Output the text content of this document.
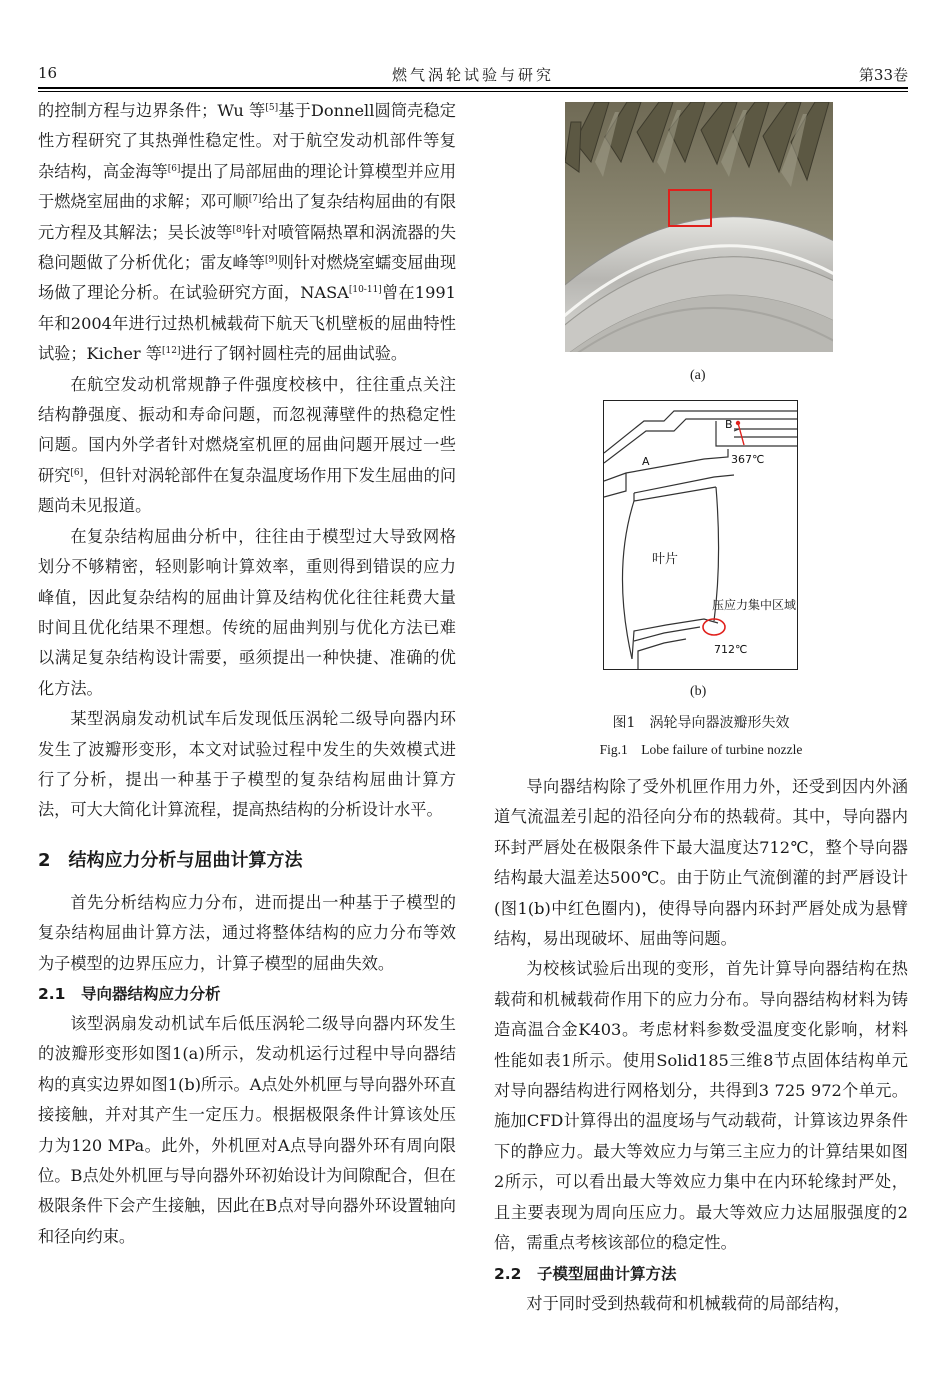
16	燃气涡轮试验与研究	第33卷

的控制方程与边界条件；Wu 等[5]基于Donnell圆筒壳稳定性方程研究了其热弹性稳定性。对于航空发动机部件等复杂结构，高金海等[6]提出了局部屈曲的理论计算模型并应用于燃烧室屈曲的求解；邓可顺[7]给出了复杂结构屈曲的有限元方程及其解法；吴长波等[8]针对喷管隔热罩和涡流器的失稳问题做了分析优化；雷友峰等[9]则针对燃烧室蠕变屈曲现场做了理论分析。在试验研究方面，NASA[10-11]曾在1991年和2004年进行过热机械载荷下航天飞机壁板的屈曲特性试验；Kicher 等[12]进行了钢衬圆柱壳的屈曲试验。

在航空发动机常规静子件强度校核中，往往重点关注结构静强度、振动和寿命问题，而忽视薄壁件的热稳定性问题。国内外学者针对燃烧室机匣的屈曲问题开展过一些研究[6]，但针对涡轮部件在复杂温度场作用下发生屈曲的问题尚未见报道。

在复杂结构屈曲分析中，往往由于模型过大导致网格划分不够精密，轻则影响计算效率，重则得到错误的应力峰值，因此复杂结构的屈曲计算及结构优化往往耗费大量时间且优化结果不理想。传统的屈曲判别与优化方法已难以满足复杂结构设计需要，亟须提出一种快捷、准确的优化方法。

某型涡扇发动机试车后发现低压涡轮二级导向器内环发生了波瓣形变形，本文对试验过程中发生的失效模式进行了分析，提出一种基于子模型的复杂结构屈曲计算方法，可大大简化计算流程，提高热结构的分析设计水平。

2　结构应力分析与屈曲计算方法

首先分析结构应力分布，进而提出一种基于子模型的复杂结构屈曲计算方法，通过将整体结构的应力分布等效为子模型的边界压应力，计算子模型的屈曲失效。

2.1　导向器结构应力分析

该型涡扇发动机试车后低压涡轮二级导向器内环发生的波瓣形变形如图1(a)所示，发动机运行过程中导向器结构的真实边界如图1(b)所示。A点处外机匣与导向器外环直接接触，并对其产生一定压力。根据极限条件计算该处压力为120 MPa。此外，外机匣对A点导向器外环有周向限位。B点处外机匣与导向器外环初始设计为间隙配合，但在极限条件下会产生接触，因此在B点对导向器外环设置轴向和径向约束。

(a)
B
A	367℃
叶片
压应力集中区域
712℃
(b)
图1　涡轮导向器波瓣形失效
Fig.1　Lobe failure of turbine nozzle

导向器结构除了受外机匣作用力外，还受到因内外涵道气流温差引起的沿径向分布的热载荷。其中，导向器内环封严唇处在极限条件下最大温度达712℃，整个导向器结构最大温差达500℃。由于防止气流倒灌的封严唇设计(图1(b)中红色圈内)，使得导向器内环封严唇处成为悬臂结构，易出现破坏、屈曲等问题。

为校核试验后出现的变形，首先计算导向器结构在热载荷和机械载荷作用下的应力分布。导向器结构材料为铸造高温合金K403。考虑材料参数受温度变化影响，材料性能如表1所示。使用Solid185三维8节点固体结构单元对导向器结构进行网格划分，共得到3 725 972个单元。施加CFD计算得出的温度场与气动载荷，计算该边界条件下的静应力。最大等效应力与第三主应力的计算结果如图2所示，可以看出最大等效应力集中在内环轮缘封严处，且主要表现为周向压应力。最大等效应力达屈服强度的2倍，需重点考核该部位的稳定性。

2.2　子模型屈曲计算方法

对于同时受到热载荷和机械载荷的局部结构，
